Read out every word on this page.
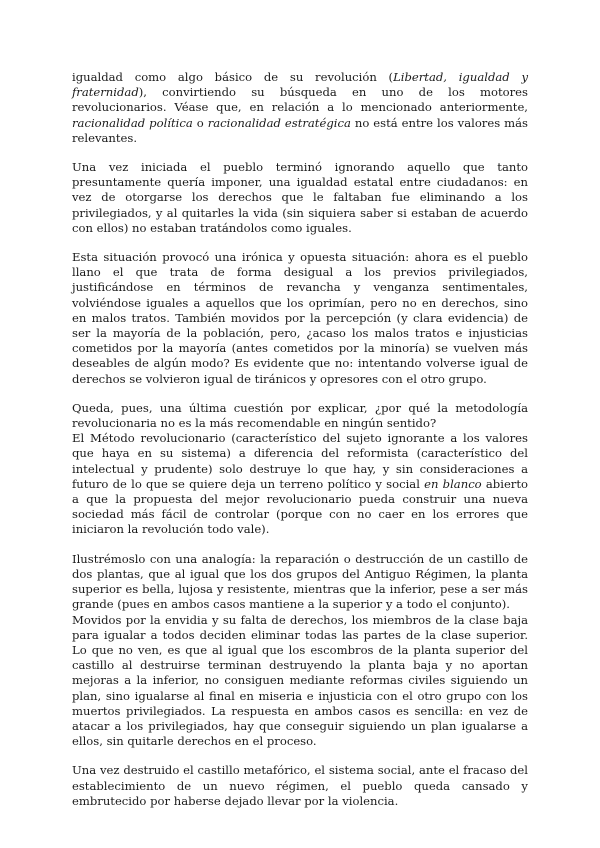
igualdad como algo básico de su revolución (Libertad, igualdad y fraternidad), convirtiendo su búsqueda en uno de los motores revolucionarios. Véase que, en relación a lo mencionado anteriormente, racionalidad política o racionalidad estratégica no está entre los valores más relevantes.

Una vez iniciada el pueblo terminó ignorando aquello que tanto presuntamente quería imponer, una igualdad estatal entre ciudadanos: en vez de otorgarse los derechos que le faltaban fue eliminando a los privilegiados, y al quitarles la vida (sin siquiera saber si estaban de acuerdo con ellos) no estaban tratándolos como iguales.

Esta situación provocó una irónica y opuesta situación: ahora es el pueblo llano el que trata de forma desigual a los previos privilegiados, justificándose en términos de revancha y venganza sentimentales, volviéndose iguales a aquellos que los oprimían, pero no en derechos, sino en malos tratos. También movidos por la percepción (y clara evidencia) de ser la mayoría de la población, pero, ¿acaso los malos tratos e injusticias cometidos por la mayoría (antes cometidos por la minoría) se vuelven más deseables de algún modo? Es evidente que no: intentando volverse igual de derechos se volvieron igual de tiránicos y opresores con el otro grupo.

Queda, pues, una última cuestión por explicar, ¿por qué la metodología revolucionaria no es la más recomendable en ningún sentido?

El Método revolucionario (característico del sujeto ignorante a los valores que haya en su sistema) a diferencia del reformista (característico del intelectual y prudente) solo destruye lo que hay, y sin consideraciones a futuro de lo que se quiere deja un terreno político y social en blanco abierto a que la propuesta del mejor revolucionario pueda construir una nueva sociedad más fácil de controlar (porque con no caer en los errores que iniciaron la revolución todo vale).

Ilustrémoslo con una analogía: la reparación o destrucción de un castillo de dos plantas, que al igual que los dos grupos del Antiguo Régimen, la planta superior es bella, lujosa y resistente, mientras que la inferior, pese a ser más grande (pues en ambos casos mantiene a la superior y a todo el conjunto).

Movidos por la envidia y su falta de derechos, los miembros de la clase baja para igualar a todos deciden eliminar todas las partes de la clase superior. Lo que no ven, es que al igual que los escombros de la planta superior del castillo al destruirse terminan destruyendo la planta baja y no aportan mejoras a la inferior, no consiguen mediante reformas civiles siguiendo un plan, sino igualarse al final en miseria e injusticia con el otro grupo con los muertos privilegiados. La respuesta en ambos casos es sencilla: en vez de atacar a los privilegiados, hay que conseguir siguiendo un plan igualarse a ellos, sin quitarle derechos en el proceso.

Una vez destruido el castillo metafórico, el sistema social, ante el fracaso del establecimiento de un nuevo régimen, el pueblo queda cansado y embrutecido por haberse dejado llevar por la violencia.
